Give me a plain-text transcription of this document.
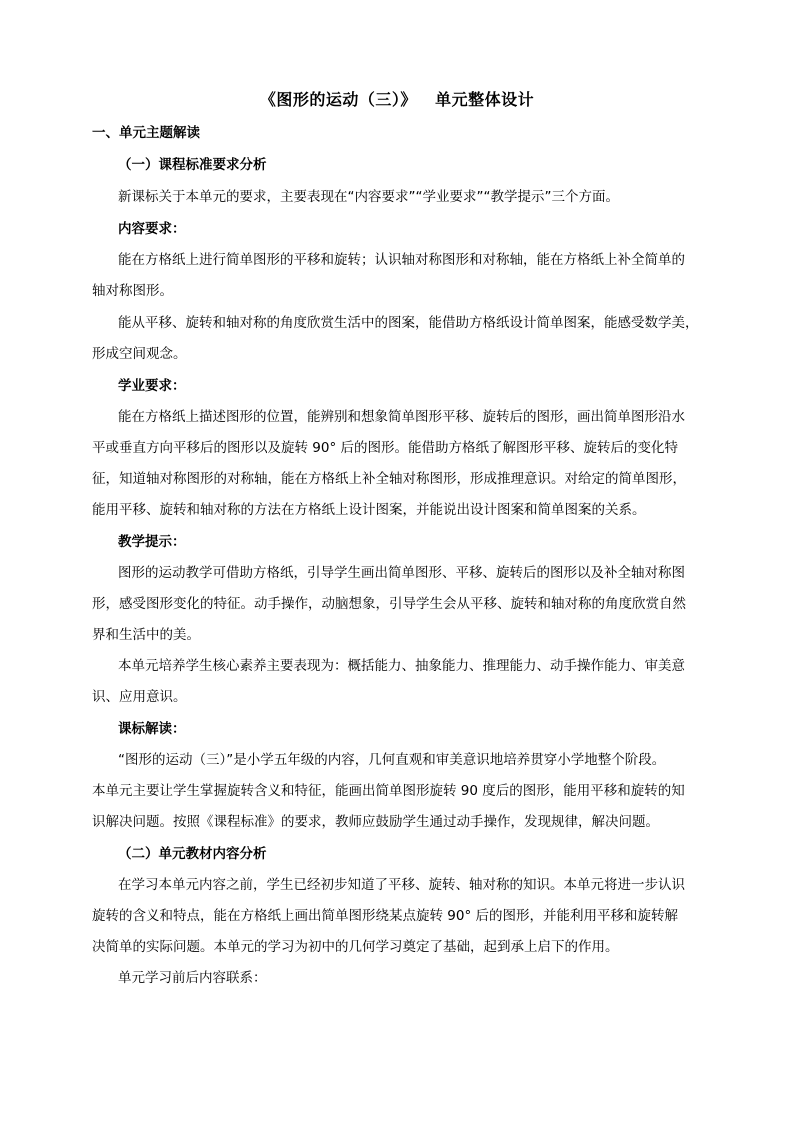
《图形的运动（三）》   单元整体设计
一、单元主题解读
（一）课程标准要求分析
新课标关于本单元的要求，主要表现在“内容要求”“学业要求”“教学提示”三个方面。
内容要求：
能在方格纸上进行简单图形的平移和旋转；认识轴对称图形和对称轴，能在方格纸上补全简单的
轴对称图形。
能从平移、旋转和轴对称的角度欣赏生活中的图案，能借助方格纸设计简单图案，能感受数学美，
形成空间观念。
学业要求：
能在方格纸上描述图形的位置，能辨别和想象简单图形平移、旋转后的图形，画出简单图形沿水
平或垂直方向平移后的图形以及旋转 90° 后的图形。能借助方格纸了解图形平移、旋转后的变化特
征，知道轴对称图形的对称轴，能在方格纸上补全轴对称图形，形成推理意识。对给定的简单图形，
能用平移、旋转和轴对称的方法在方格纸上设计图案，并能说出设计图案和简单图案的关系。
教学提示：
图形的运动教学可借助方格纸，引导学生画出简单图形、平移、旋转后的图形以及补全轴对称图
形，感受图形变化的特征。动手操作，动脑想象，引导学生会从平移、旋转和轴对称的角度欣赏自然
界和生活中的美。
本单元培养学生核心素养主要表现为：概括能力、抽象能力、推理能力、动手操作能力、审美意
识、应用意识。
课标解读：
“图形的运动（三）”是小学五年级的内容，几何直观和审美意识地培养贯穿小学地整个阶段。
本单元主要让学生掌握旋转含义和特征，能画出简单图形旋转 90 度后的图形，能用平移和旋转的知
识解决问题。按照《课程标准》的要求，教师应鼓励学生通过动手操作，发现规律，解决问题。
（二）单元教材内容分析
在学习本单元内容之前，学生已经初步知道了平移、旋转、轴对称的知识。本单元将进一步认识
旋转的含义和特点，能在方格纸上画出简单图形绕某点旋转 90° 后的图形，并能利用平移和旋转解
决简单的实际问题。本单元的学习为初中的几何学习奠定了基础，起到承上启下的作用。
单元学习前后内容联系：
